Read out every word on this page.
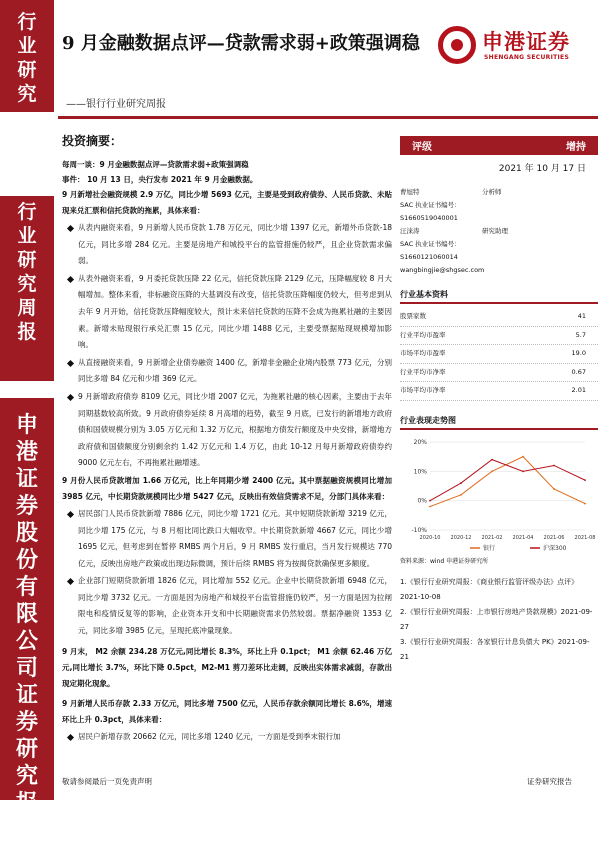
行
业
研
究
行
业
研
究
周
报
申
港
证
券
股
份
有
限
公
司
证
券
研
究
报
告
9 月金融数据点评—贷款需求弱+政策强调稳
——银行行业研究周报
申港证券
SHENGANG SECURITIES
投资摘要：
每周一谈：9 月金融数据点评—贷款需求弱+政策强调稳
事件： 10 月 13 日，央行发布 2021 年 9 月金融数据。
9 月新增社会融资规模 2.9 万亿，同比少增 5693 亿元，主要是受到政府债券、人民币贷款、未贴现来兑汇票和信托贷款的拖累，具体来看：
从表内融资来看，9 月新增人民币贷款 1.78 万亿元，同比少增 1397 亿元，新增外币贷款-18 亿元，同比多增 284 亿元。主要是房地产和城投平台的监管措施仍较严，且企业贷款需求偏弱。
从表外融资来看，9 月委托贷款压降 22 亿元，信托贷款压降 2129 亿元，压降幅度较 8 月大幅增加。整体来看，非标融资压降的大基调没有改变，信托贷款压降幅度仍较大，但考虑到从去年 9 月开始，信托贷款压降幅度较大，预计未来信托贷款的压降不会成为拖累社融的主要因素。新增未贴现银行承兑汇票 15 亿元，同比少增 1488 亿元，主要受票据贴现规模增加影响。
从直接融资来看，9 月新增企业债券融资 1400 亿，新增非金融企业境内股票 773 亿元，分别同比多增 84 亿元和少增 369 亿元。
9 月新增政府债券 8109 亿元，同比少增 2007 亿元，为拖累社融的核心因素，主要由于去年同期基数较高所致。9 月政府债券延续 8 月高增的趋势，截至 9 月底，已发行的新增地方政府债和国债规模分别为 3.05 万亿元和 1.32 万亿元，根据地方债发行额度及中央安排，新增地方政府债和国债额度分别剩余约 1.42 万亿元和 1.4 万亿，由此 10-12 月每月新增政府债券约 9000 亿元左右，不再拖累社融增速。
9 月份人民币贷款增加 1.66 万亿元，比上年同期少增 2400 亿元。其中票据融资规模同比增加 3985 亿元，中长期贷款规模同比少增 5427 亿元，反映出有效信贷需求不足，分部门具体来看：
居民部门人民币贷款新增 7886 亿元，同比少增 1721 亿元。其中短期贷款新增 3219 亿元，同比少增 175 亿元，与 8 月相比同比跌口大幅收窄。中长期贷款新增 4667 亿元，同比少增 1695 亿元，但考虑到在暂停 RMBS 两个月后，9 月 RMBS 发行重启，当月发行规模达 770 亿元，反映出房地产政策或出现边际微调，预计后续 RMBS 将为按揭贷款确保更多额度。
企业部门短期贷款新增 1826 亿元，同比增加 552 亿元。企业中长期贷款新增 6948 亿元，同比少增 3732 亿元。一方面是因为房地产和城投平台监管措施仍较严，另一方面是因为拉闸限电和疫情反复等的影响，企业资本开支和中长期融资需求仍然较弱。票据净融资 1353 亿元，同比多增 3985 亿元，呈现托底冲量现象。
9 月末， M2 余额 234.28 万亿元,同比增长 8.3%，环比上升 0.1pct； M1 余额 62.46 万亿元,同比增长 3.7%，环比下降 0.5pct，M2-M1 剪刀差环比走阔，反映出实体需求减弱，存款出现定期化现象。
9 月新增人民币存款 2.33 万亿元，同比多增 7500 亿元，人民币存款余额同比增长 8.6%，增速环比上升 0.3pct，具体来看：
居民户新增存款 20662 亿元，同比多增 1240 亿元，一方面是受到季末银行加
评级	增持
2021 年 10 月 17 日
曹旭特	分析师
SAC 执业证书编号：S1660519040001
汪涞涛	研究助理
SAC 执业证书编号：S1660121060014
wangbingjie@shgsec.com
行业基本资料
股票家数	41
行业平均市盈率	5.7
市场平均市盈率	19.0
行业平均市净率	0.67
市场平均市净率	2.01
行业表现走势图
20%
10%
0%
-10%
2020-10 2020-12 2021-02 2021-04 2021-06 2021-08
银行	沪深300
资料来源：wind 申港证券研究所
1.《银行行业研究周报：《商业银行监管评级办法》点评》2021-10-08
2.《银行行业研究周报：上市银行房地产贷款规模》2021-09-27
3.《银行行业研究周报：各家银行计息负债大 PK》2021-09-21
敬请参阅最后一页免责声明	证券研究报告
